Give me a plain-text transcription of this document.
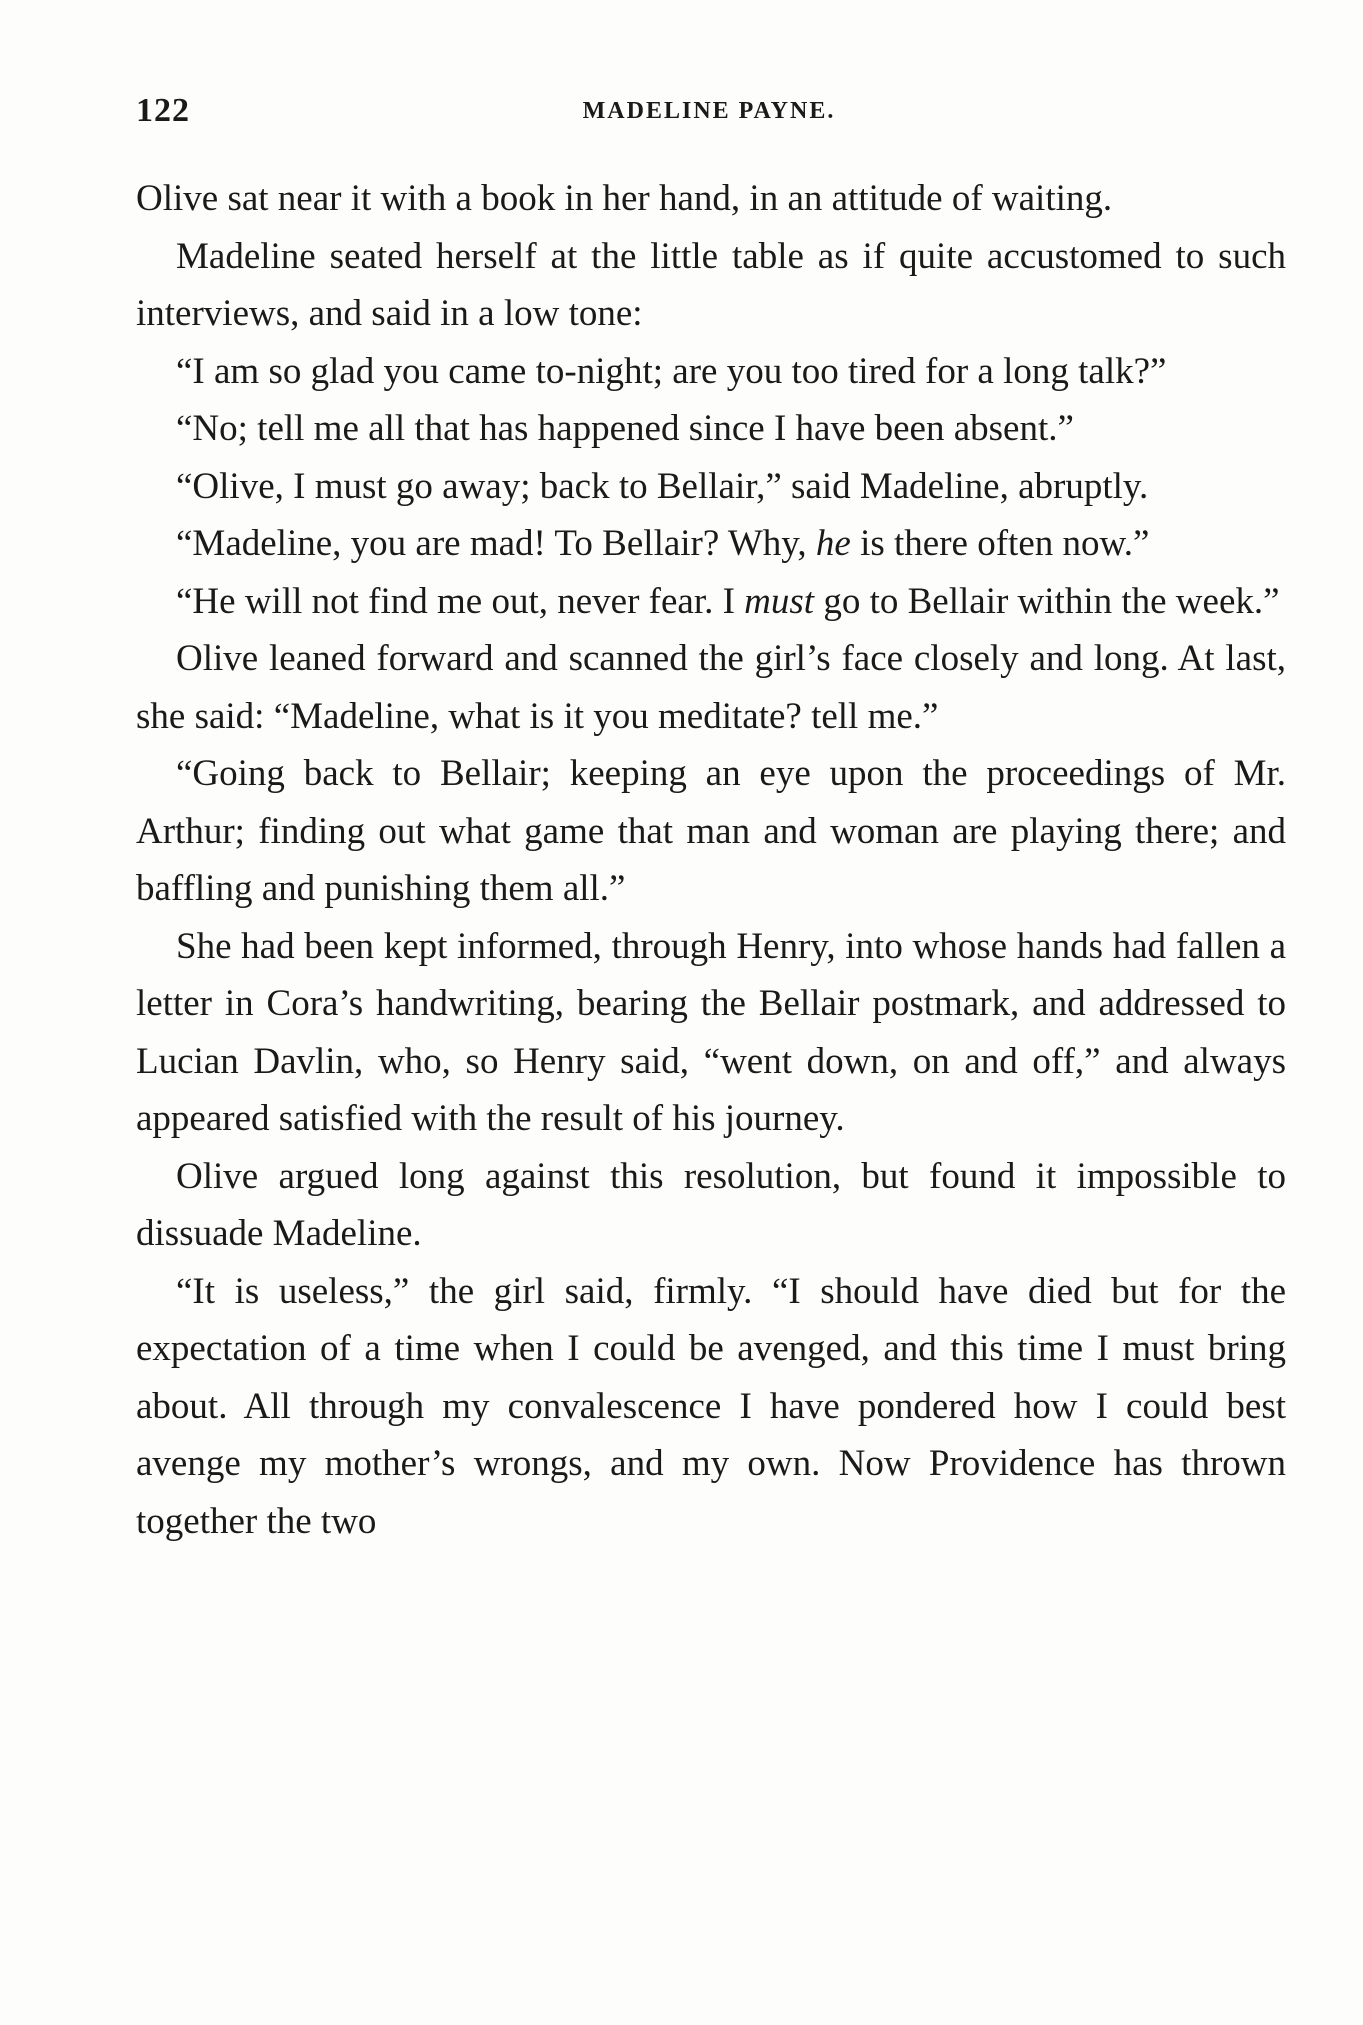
122	MADELINE PAYNE.

Olive sat near it with a book in her hand, in an attitude of waiting.

Madeline seated herself at the little table as if quite accustomed to such interviews, and said in a low tone:

“I am so glad you came to-night; are you too tired for a long talk?”

“No; tell me all that has happened since I have been absent.”

“Olive, I must go away; back to Bellair,” said Madeline, abruptly.

“Madeline, you are mad! To Bellair? Why, he is there often now.”

“He will not find me out, never fear. I must go to Bellair within the week.”

Olive leaned forward and scanned the girl’s face closely and long. At last, she said: “Madeline, what is it you meditate? tell me.”

“Going back to Bellair; keeping an eye upon the proceedings of Mr. Arthur; finding out what game that man and woman are playing there; and baffling and punishing them all.”

She had been kept informed, through Henry, into whose hands had fallen a letter in Cora’s handwriting, bearing the Bellair postmark, and addressed to Lucian Davlin, who, so Henry said, “went down, on and off,” and always appeared satisfied with the result of his journey.

Olive argued long against this resolution, but found it impossible to dissuade Madeline.

“It is useless,” the girl said, firmly. “I should have died but for the expectation of a time when I could be avenged, and this time I must bring about. All through my convalescence I have pondered how I could best avenge my mother’s wrongs, and my own. Now Providence has thrown together the two
